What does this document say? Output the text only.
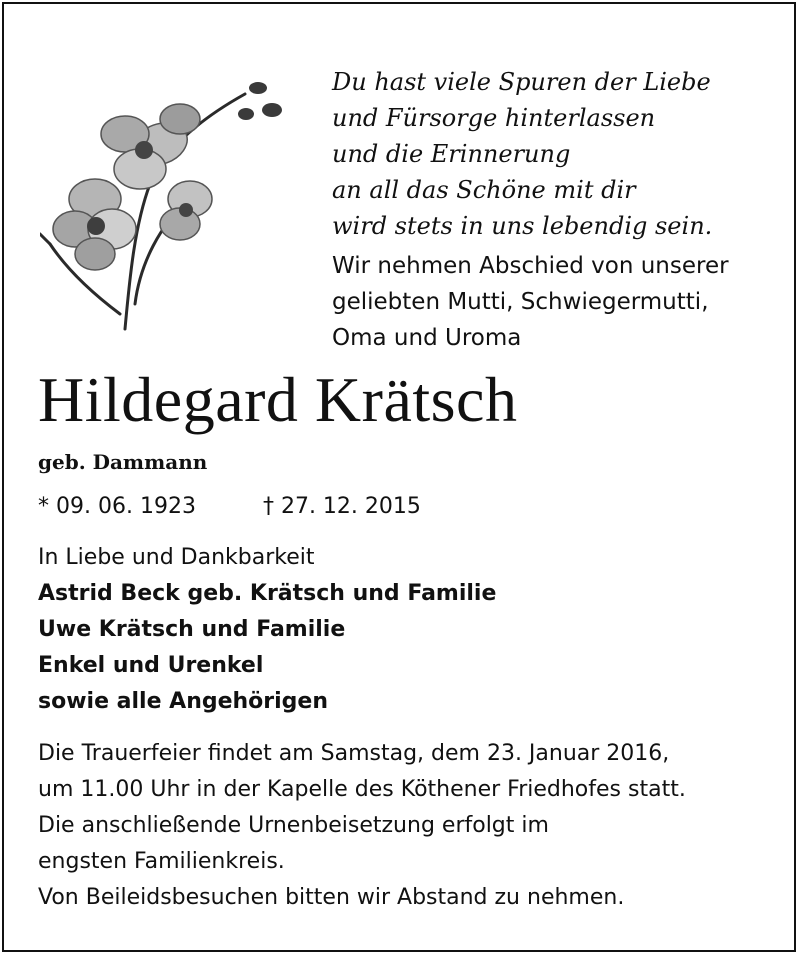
Du hast viele Spuren der Liebe
und Fürsorge hinterlassen
und die Erinnerung
an all das Schöne mit dir
wird stets in uns lebendig sein.
Wir nehmen Abschied von unserer
geliebten Mutti, Schwiegermutti,
Oma und Uroma
Hildegard Krätsch
geb. Dammann
* 09. 06. 1923	† 27. 12. 2015
In Liebe und Dankbarkeit
Astrid Beck geb. Krätsch und Familie
Uwe Krätsch und Familie
Enkel und Urenkel
sowie alle Angehörigen
Die Trauerfeier findet am Samstag, dem 23. Januar 2016,
um 11.00 Uhr in der Kapelle des Köthener Friedhofes statt.
Die anschließende Urnenbeisetzung erfolgt im
engsten Familienkreis.
Von Beileidsbesuchen bitten wir Abstand zu nehmen.
